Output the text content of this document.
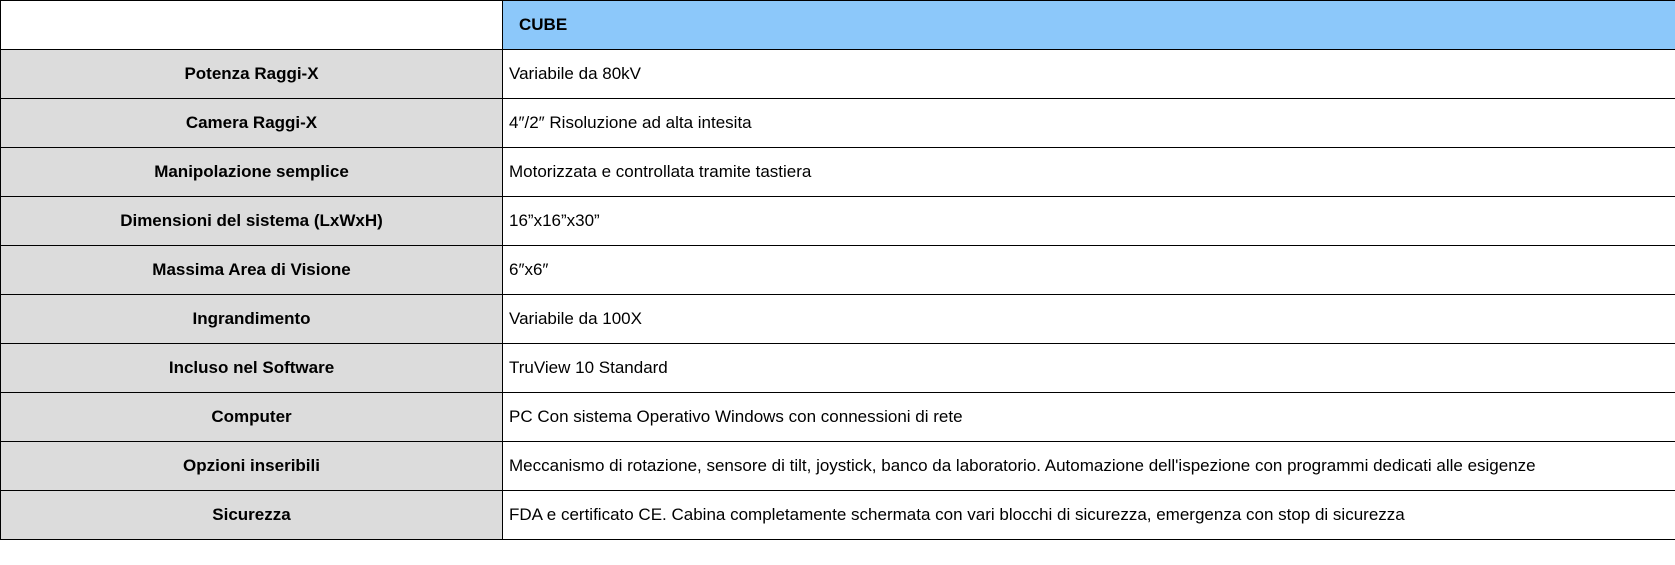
	CUBE
Potenza Raggi-X	Variabile da 80kV
Camera Raggi-X	4″/2″ Risoluzione ad alta intesita
Manipolazione semplice	Motorizzata e controllata tramite tastiera
Dimensioni del sistema (LxWxH)	16”x16”x30”
Massima Area di Visione	6″x6″
Ingrandimento	Variabile da 100X
Incluso nel Software	TruView 10 Standard
Computer	PC Con sistema Operativo Windows con connessioni di rete
Opzioni inseribili	Meccanismo di rotazione, sensore di tilt, joystick, banco da laboratorio. Automazione dell'ispezione con programmi dedicati alle esigenze
Sicurezza	FDA e certificato CE. Cabina completamente schermata con vari blocchi di sicurezza, emergenza con stop di sicurezza
